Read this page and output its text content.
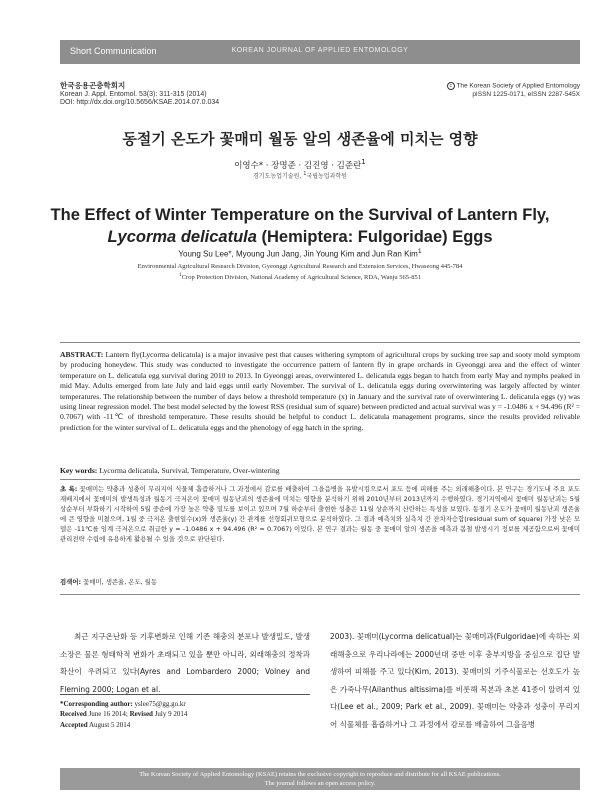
Short Communication	KOREAN JOURNAL OF APPLIED ENTOMOLOGY
한국응용곤충학회지
Korean J. Appl. Entomol. 53(3): 311-315 (2014)
DOI: http://dx.doi.org/10.5656/KSAE.2014.07.0.034
c The Korean Society of Applied Entomology
pISSN 1225-0171, eISSN 2287-545X
동절기 온도가 꽃매미 월동 알의 생존율에 미치는 영향
이영수* · 장명준 · 김진영 · 김준란$^1$
경기도농업기술원, $^1$국립농업과학원
The Effect of Winter Temperature on the Survival of Lantern Fly,
Lycorma delicatula (Hemiptera: Fulgoridae) Eggs
Young Su Lee*, Myoung Jun Jang, Jin Young Kim and Jun Ran Kim$^1$
Environmental Agricultural Research Division, Gyeonggi Agricultural Research and Extension Services, Hwaseong 445-784
$^1$Crop Protection Division, National Academy of Agricultural Science, RDA, Wanju 565-851
ABSTRACT: Lantern fly(Lycorma delicatula) is a major invasive pest that causes withering symptom of agricultural crops by sucking tree sap and sooty mold symptom by producing honeydew. This study was conducted to investigate the occurrence pattern of lantern fly in grape orchards in Gyeonggi area and the effect of winter temperature on L. delicatula egg survival during 2010 to 2013. In Gyeonggi areas, overwintered L. delicatula eggs began to hatch from early May and nymphs peaked in mid May. Adults emerged from late July and laid eggs until early November. The survival of L. delicatula eggs during overwintering was largely affected by winter temperatures. The relationship between the number of days below a threshold temperature (x) in January and the survival rate of overwintering L. delicatula eggs (y) was using linear regression model. The best model selected by the lowest RSS (residual sum of square) between predicted and actual survival was y = -1.0486 x + 94.496 (R² = 0.7067) with -11℃ of threshold temperature. These results should be helpful to conduct L. delicatula management programs, since the results provided relivable prediction for the winter survival of L. delicatula eggs and the phenology of egg hatch in the spring.
Key words: Lycorma delicatula, Survival, Temperature, Over-wintering
초 록: 꽃매미는 약충과 성충이 무리지어 식물체 흡즙하거나 그 과정에서 감로를 배출하여 그을음병을 유발시킴으로서 포도 등에 피해를 주는 외래해충이다. 본 연구는 경기도내 주요 포도 재배지에서 꽃매미의 발생특성과 월동기 극저온이 꽃매미 월동난괴의 생존율에 미치는 영향을 분석하기 위해 2010년부터 2013년까지 수행하였다. 경기지역에서 꽃매미 월동난괴는 5월 상순부터 부화하기 시작하여 5월 중순에 가장 높은 약충 밀도를 보이고 있으며 7월 하순부터 출현한 성충은 11월 상순까지 산란하는 특성을 보였다. 동절기 온도가 꽃매미 월동난괴 생존율에 큰 영향을 미쳤으며, 1월 중 극저온 출현일수(x)와 생존율(y) 간 관계를 선형회귀모형으로 분석하였다. 그 결과 예측치와 실측치 간 잔차자승합(residual sum of square) 가장 낮은 모델은 -11℃를 임계 극저온으로 취급한 y = -1.0486 x + 94.496 (R² = 0.7067) 이었다. 본 연구 결과는 월동 중 꽃매미 알의 생존을 예측과 봄철 발생시기 정보를 제공함으로써 꽃매미 관리전략 수립에 유용하게 활용될 수 있을 것으로 판단된다.
검색어: 꽃매미, 생존율, 온도, 월동
최근 지구온난화 등 기후변화로 인해 기존 해충의 분포나 발생밀도, 발생소장은 물론 형태학적 변화가 초래되고 있을 뿐만 아니라, 외래해충의 정착과 확산이 우려되고 있다(Ayres and Lombardero 2000; Volney and Fleming 2000; Logan et al.
2003). 꽃매미(Lycorma delicatual)는 꽃매미과(Fulgoridae)에 속하는 외래해충으로 우리나라에는 2000년대 중반 이후 충부지방을 중심으로 집단 발생하여 피해를 주고 있다(Kim, 2013). 꽃매미의 기주식물로는 선호도가 높은 가죽나무(Ailanthus altissima)를 비롯해 목본과 초본 41종이 알려져 있다(Lee et al., 2009; Park et al., 2009). 꽃매미는 약충과 성충이 무리지어 식물체를 흡즙하거나 그 과정에서 감로를 배출하여 그을음병
*Corresponding author: yslee75@gg.go.kr
Received June 16 2014; Revised July 9 2014
Accepted August 5 2014
The Korean Society of Applied Entomology (KSAE) retains the exclusive copyright to reproduce and distribute for all KSAE publications.
The journal follows an open access policy.
